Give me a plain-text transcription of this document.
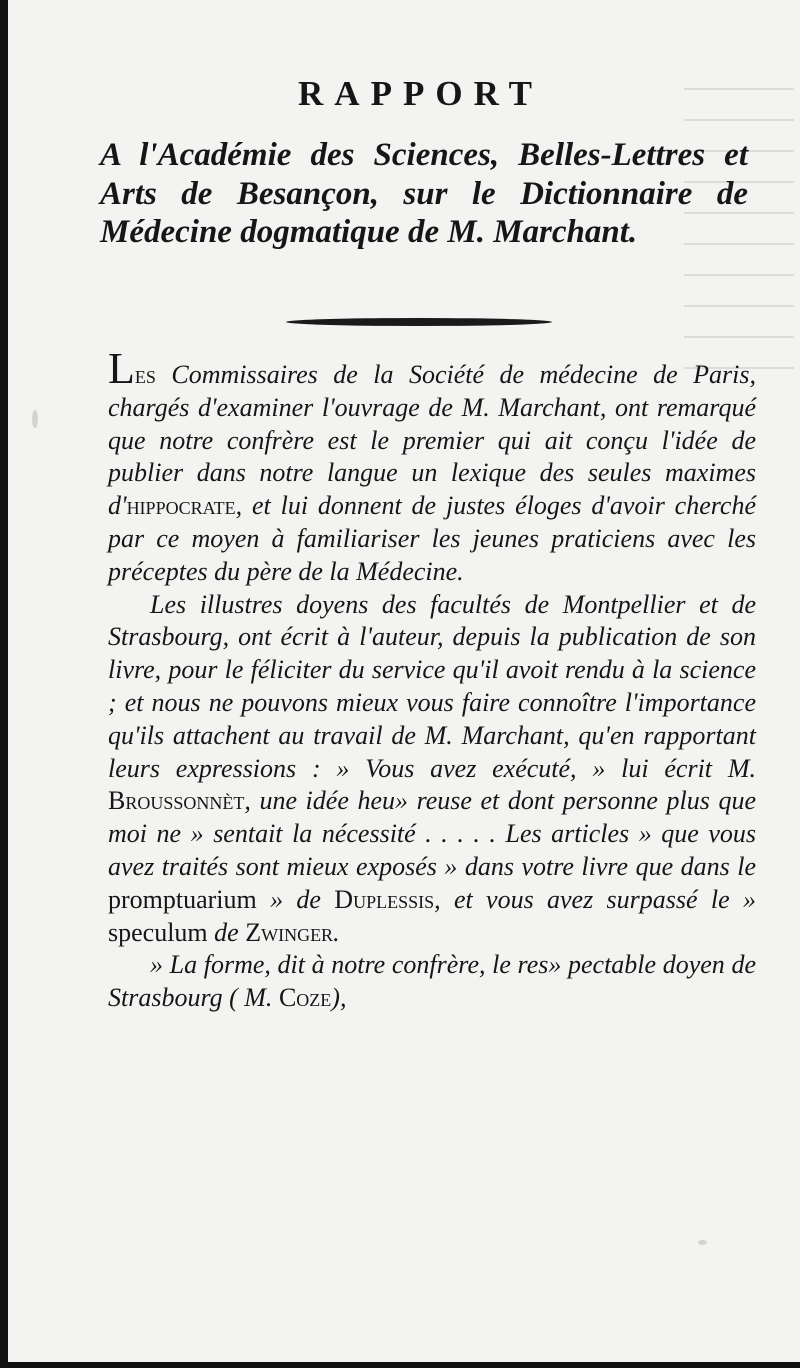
RAPPORT
A l'Académie des Sciences, Belles-Lettres et Arts de Besançon, sur le Dictionnaire de Médecine dogmatique de M. Marchant.

Les Commissaires de la Société de médecine de Paris, chargés d'examiner l'ouvrage de M. Marchant, ont remarqué que notre confrère est le premier qui ait conçu l'idée de publier dans notre langue un lexique des seules maximes d'hippocrate, et lui donnent de justes éloges d'avoir cherché par ce moyen à familiariser les jeunes praticiens avec les préceptes du père de la Médecine.

Les illustres doyens des facultés de Montpellier et de Strasbourg, ont écrit à l'auteur, depuis la publication de son livre, pour le féliciter du service qu'il avoit rendu à la science ; et nous ne pouvons mieux vous faire connoître l'importance qu'ils attachent au travail de M. Marchant, qu'en rapportant leurs expressions : » Vous avez exécuté, » lui écrit M. Broussonnèt, une idée heu» reuse et dont personne plus que moi ne » sentait la nécessité . . . . . Les articles » que vous avez traités sont mieux exposés » dans votre livre que dans le promptuarium » de Duplessis, et vous avez surpassé le » speculum de Zwinger.

» La forme, dit à notre confrère, le res» pectable doyen de Strasbourg ( M. Coze),
